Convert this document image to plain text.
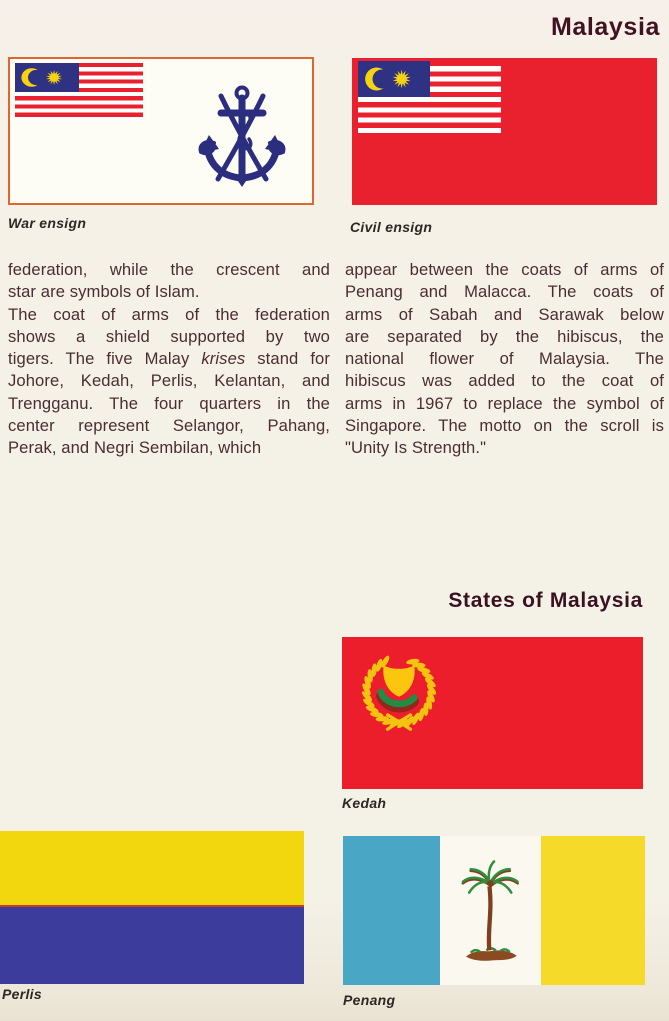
Malaysia
War ensign	Civil ensign

federation, while the crescent and
star are symbols of Islam.

The coat of arms of the federation
shows a shield supported by two
tigers. The five Malay krises stand for
Johore, Kedah, Perlis, Kelantan, and
Trengganu. The four quarters in the
center represent Selangor, Pahang,
Perak, and Negri Sembilan, which

appear between the coats of arms of
Penang and Malacca. The coats of
arms of Sabah and Sarawak below
are separated by the hibiscus, the
national flower of Malaysia. The
hibiscus was added to the coat of
arms in 1967 to replace the symbol of
Singapore. The motto on the scroll is
"Unity Is Strength."

States of Malaysia
Kedah
Perlis	Penang
